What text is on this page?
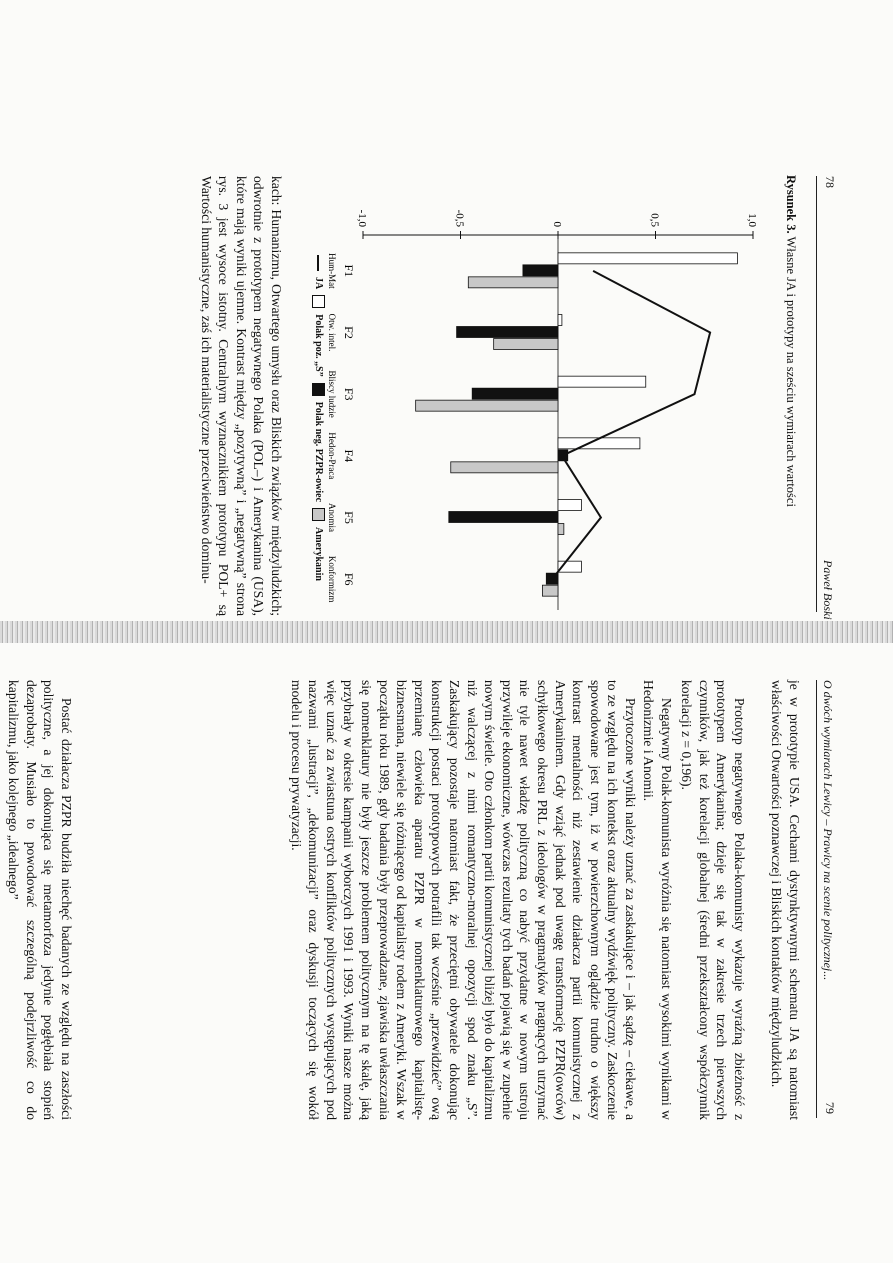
78
Paweł Boski
Rysunek 3. Własne JA i prototypy na sześciu wymiarach wartości
1,0
0,5
0
-0,5
-1,0
F1
Hum-Mat
F2
Otw. intel.
F3
Bliscy ludzie
F4
Hedon-Praca
F5
Anomia
F6
Konformizm
JA
Polak poz. „S”
Polak neg. PZPR-owiec
Amerykanin
kach: Humanizmu, Otwartego umysłu oraz Bliskich związków międzyludzkich; odwrotnie z prototypem negatywnego Polaka (POL–) i Amerykanina (USA), które mają wyniki ujemne. Kontrast między „pozytywną” i „negatywną” strona rys. 3 jest wysoce istotny. Centralnym wyznacznikiem prototypu POL+ są Wartości humanistyczne, zaś ich materialistyczne przeciwieństwo dominu-
O dwóch wymiarach Lewicy – Prawicy na scenie politycznej...
79
je w prototypie USA. Cechami dystynktywnymi schematu JA są natomiast właściwości Otwartości poznawczej i Bliskich kontaktów międzyludzkich.
Prototyp negatywnego Polaka-komunisty wykazuje wyraźną zbieżność z prototypem Amerykanina; dzieje się tak w zakresie trzech pierwszych czynników, jak też korelacji globalnej (średni przekształcony współczynnik korelacji z = 0,196).
Negatywny Polak-komunista wyróżnia się natomiast wysokimi wynikami w Hedonizmie i Anomii.
Przytoczone wyniki należy uznać za zaskakujące i – jak sądzę – ciekawe, a to ze względu na ich kontekst oraz aktualny wydźwięk polityczny. Zaskoczenie spowodowane jest tym, iż w powierzchownym oglądzie trudno o większy kontrast mentalności niż zestawienie działacza partii komunistycznej z Amerykaninem. Gdy wziąć jednak pod uwagę transformację PZPR(owców) schyłkowego okresu PRL z ideologów w pragmatyków pragnących utrzymać nie tyle nawet władzę polityczną co nabyć przydatne w nowym ustroju przywileje ekonomiczne, wówczas rezultaty tych badań pojawią się w zupełnie nowym świetle. Oto członkom partii komunistycznej bliżej było do kapitalizmu niż walczącej z nimi romantyczno-moralnej opozycji spod znaku „S”. Zaskakujący pozostaje natomiast fakt, że przeciętni obywatele dokonując konstrukcji postaci prototypowych potrafili tak wcześnie „przewidzieć” ową przemianę człowieka aparatu PZPR w nomenklaturowego kapitalistę-biznesmana, niewiele się różniącego od kapitalisty rodem z Ameryki. Wszak w początku roku 1989, gdy badania były przeprowadzane, zjawiska uwłaszczania się nomenklatury nie były jeszcze problemem politycznym na tę skalę, jaką przybrały w okresie kampanii wyborczych 1991 i 1993. Wyniki nasze można więc uznać za zwiastuna ostrych konfliktów politycznych występujących pod nazwami „lustracji”, „dekomunizacji” oraz dyskusji toczących się wokół modelu i procesu prywatyzacji.
Postać działacza PZPR budziła niechęć badanych ze względu na zaszłości polityczne, a jej dokonująca się metamorfoza jedynie pogłębiała stopień dezaprobaty. Musiało to powodować szczególną podejrzliwość co do kapitalizmu, jako kolejnego „idealnego”
